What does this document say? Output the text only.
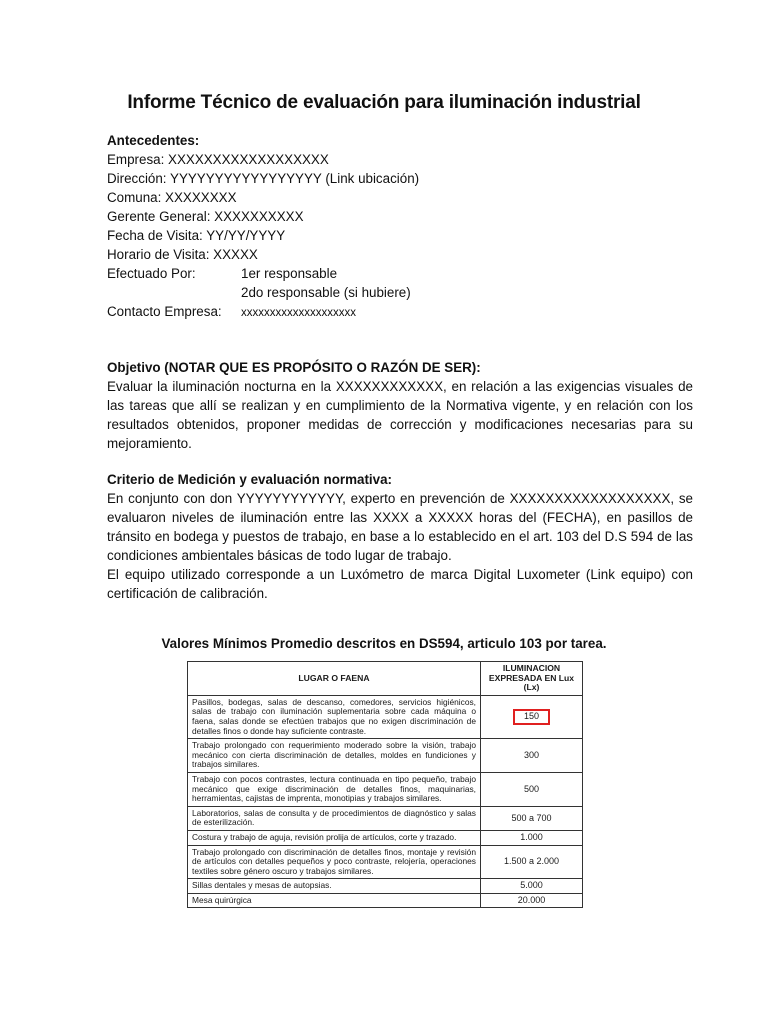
Informe Técnico de evaluación para iluminación industrial
Antecedentes:
Empresa: XXXXXXXXXXXXXXXXXX
Dirección: YYYYYYYYYYYYYYYYY (Link ubicación)
Comuna: XXXXXXXX
Gerente General: XXXXXXXXXX
Fecha de Visita: YY/YY/YYYY
Horario de Visita: XXXXX
Efectuado Por:	1er responsable
2do responsable (si hubiere)
Contacto Empresa: xxxxxxxxxxxxxxxxxxxx
Objetivo (NOTAR QUE ES PROPÓSITO O RAZÓN DE SER):
Evaluar la iluminación nocturna en la XXXXXXXXXXXX, en relación a las exigencias visuales de las tareas que allí se realizan y en cumplimiento de la Normativa vigente, y en relación con los resultados obtenidos, proponer medidas de corrección y modificaciones necesarias para su mejoramiento.
Criterio de Medición y evaluación normativa:
En conjunto con don YYYYYYYYYYYY, experto en prevención de XXXXXXXXXXXXXXXXXX, se evaluaron niveles de iluminación entre las XXXX a XXXXX horas del (FECHA), en pasillos de tránsito en bodega y puestos de trabajo, en base a lo establecido en el art. 103 del D.S 594 de las condiciones ambientales básicas de todo lugar de trabajo.
El equipo utilizado corresponde a un Luxómetro de marca Digital Luxometer (Link equipo) con certificación de calibración.
Valores Mínimos Promedio descritos en DS594, articulo 103 por tarea.
LUGAR O FAENA	ILUMINACION EXPRESADA EN Lux (Lx)
Pasillos, bodegas, salas de descanso, comedores, servicios higiénicos, salas de trabajo con iluminación suplementaria sobre cada máquina o faena, salas donde se efectúen trabajos que no exigen discriminación de detalles finos o donde hay suficiente contraste.	150
Trabajo prolongado con requerimiento moderado sobre la visión, trabajo mecánico con cierta discriminación de detalles, moldes en fundiciones y trabajos similares.	300
Trabajo con pocos contrastes, lectura continuada en tipo pequeño, trabajo mecánico que exige discriminación de detalles finos, maquinarias, herramientas, cajistas de imprenta, monotipias y trabajos similares.	500
Laboratorios, salas de consulta y de procedimientos de diagnóstico y salas de esterilización.	500 a 700
Costura y trabajo de aguja, revisión prolija de artículos, corte y trazado.	1.000
Trabajo prolongado con discriminación de detalles finos, montaje y revisión de artículos con detalles pequeños y poco contraste, relojería, operaciones textiles sobre género oscuro y trabajos similares.	1.500 a 2.000
Sillas dentales y mesas de autopsias.	5.000
Mesa quirúrgica	20.000
